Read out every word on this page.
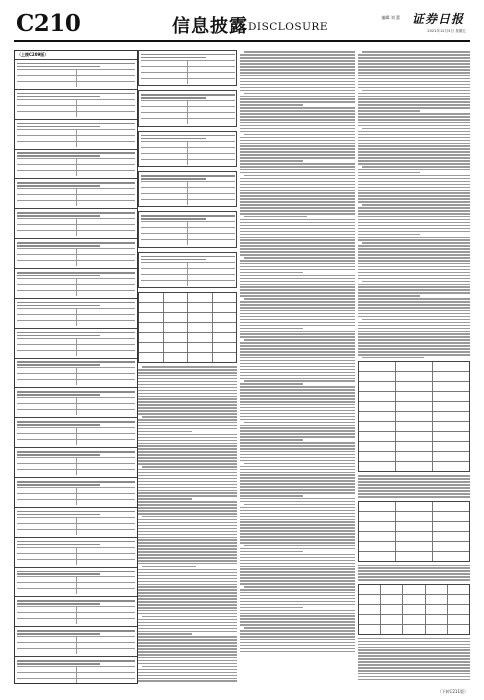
C210	信息披露 DISCLOSURE
编辑 刘 蕾 证券日报
2021年12月3日 星期五
（上接C209版）
（下转C211版）
